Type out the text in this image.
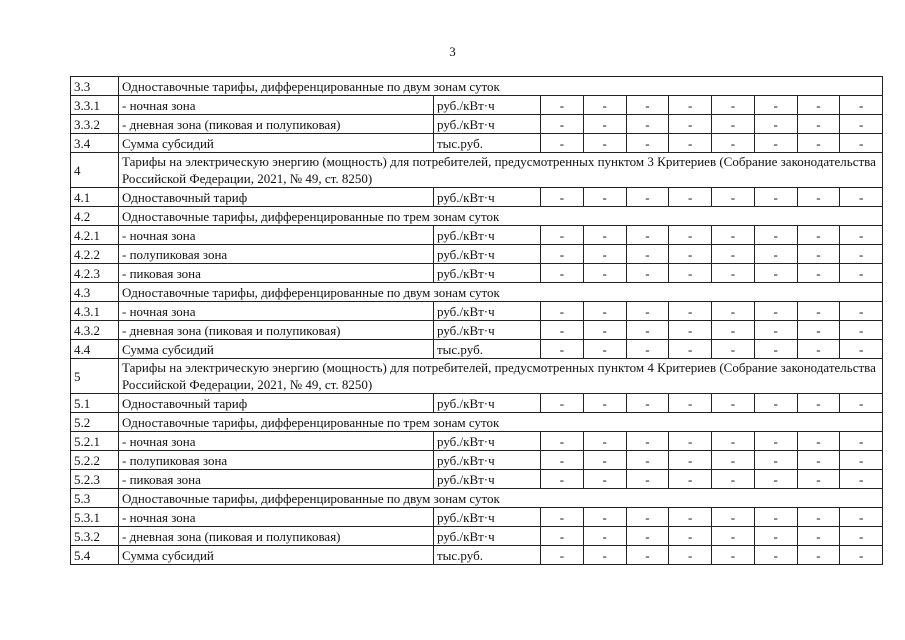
3
3.3	Одноставочные тарифы, дифференцированные по двум зонам суток									
3.3.1	- ночная зона	руб./кВт·ч	-	-	-	-	-	-	-	-
3.3.2	- дневная зона (пиковая и полупиковая)	руб./кВт·ч	-	-	-	-	-	-	-	-
3.4	Сумма субсидий	тыс.руб.	-	-	-	-	-	-	-	-
4	Тарифы на электрическую энергию (мощность) для потребителей, предусмотренных пунктом 3 Критериев (Собрание законодательства Российской Федерации, 2021, № 49, ст. 8250)									
4.1	Одноставочный тариф	руб./кВт·ч	-	-	-	-	-	-	-	-
4.2	Одноставочные тарифы, дифференцированные по трем зонам суток									
4.2.1	- ночная зона	руб./кВт·ч	-	-	-	-	-	-	-	-
4.2.2	- полупиковая зона	руб./кВт·ч	-	-	-	-	-	-	-	-
4.2.3	- пиковая зона	руб./кВт·ч	-	-	-	-	-	-	-	-
4.3	Одноставочные тарифы, дифференцированные по двум зонам суток									
4.3.1	- ночная зона	руб./кВт·ч	-	-	-	-	-	-	-	-
4.3.2	- дневная зона (пиковая и полупиковая)	руб./кВт·ч	-	-	-	-	-	-	-	-
4.4	Сумма субсидий	тыс.руб.	-	-	-	-	-	-	-	-
5	Тарифы на электрическую энергию (мощность) для потребителей, предусмотренных пунктом 4 Критериев (Собрание законодательства Российской Федерации, 2021, № 49, ст. 8250)									
5.1	Одноставочный тариф	руб./кВт·ч	-	-	-	-	-	-	-	-
5.2	Одноставочные тарифы, дифференцированные по трем зонам суток									
5.2.1	- ночная зона	руб./кВт·ч	-	-	-	-	-	-	-	-
5.2.2	- полупиковая зона	руб./кВт·ч	-	-	-	-	-	-	-	-
5.2.3	- пиковая зона	руб./кВт·ч	-	-	-	-	-	-	-	-
5.3	Одноставочные тарифы, дифференцированные по двум зонам суток									
5.3.1	- ночная зона	руб./кВт·ч	-	-	-	-	-	-	-	-
5.3.2	- дневная зона (пиковая и полупиковая)	руб./кВт·ч	-	-	-	-	-	-	-	-
5.4	Сумма субсидий	тыс.руб.	-	-	-	-	-	-	-	-
